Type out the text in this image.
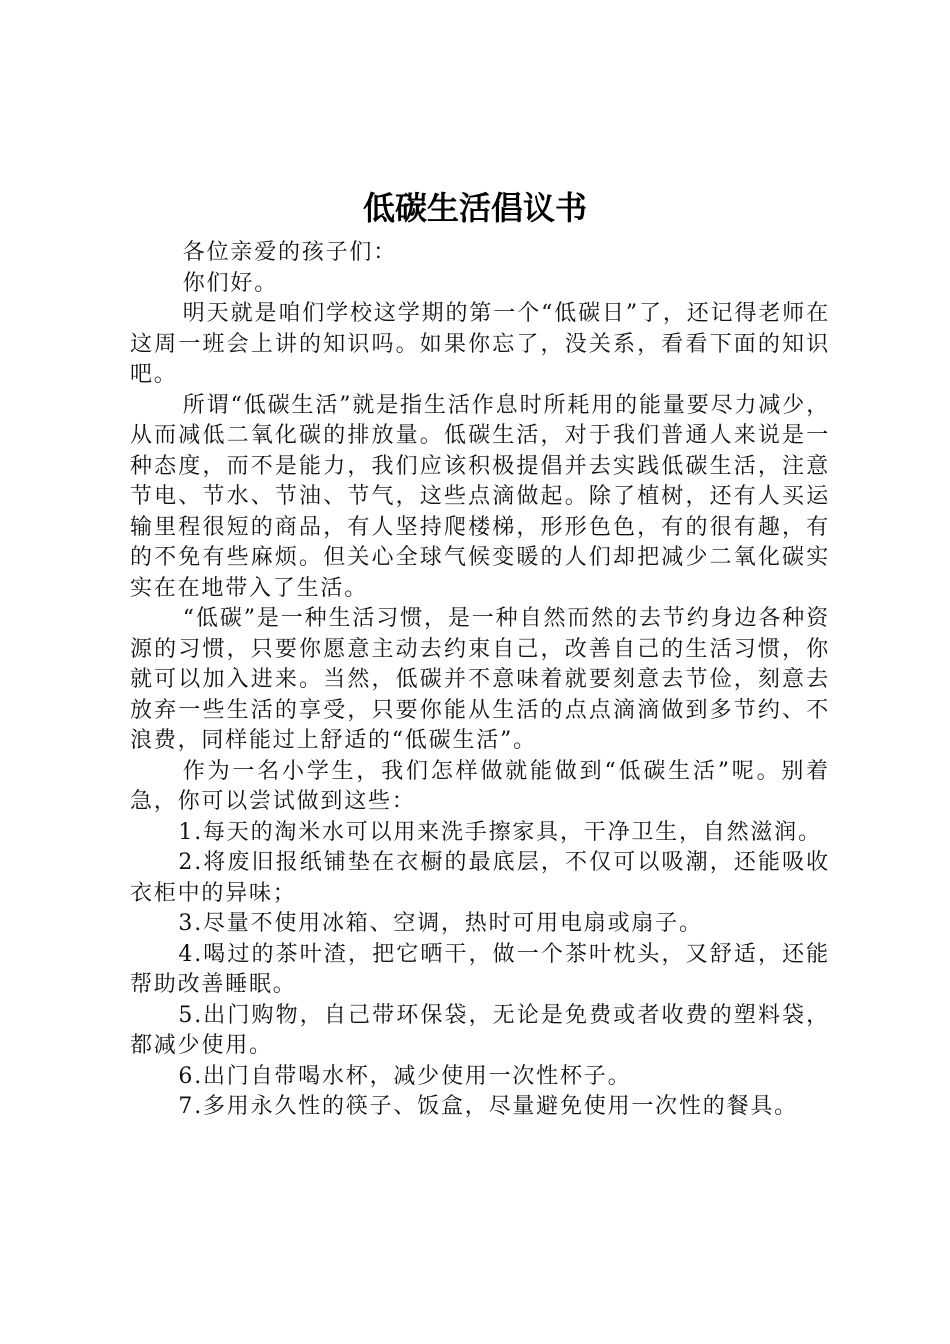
低碳生活倡议书

各位亲爱的孩子们：

你们好。

明天就是咱们学校这学期的第一个“低碳日”了，还记得老师在这周一班会上讲的知识吗。如果你忘了，没关系，看看下面的知识吧。

所谓“低碳生活”就是指生活作息时所耗用的能量要尽力减少，从而减低二氧化碳的排放量。低碳生活，对于我们普通人来说是一种态度，而不是能力，我们应该积极提倡并去实践低碳生活，注意节电、节水、节油、节气，这些点滴做起。除了植树，还有人买运输里程很短的商品，有人坚持爬楼梯，形形色色，有的很有趣，有的不免有些麻烦。但关心全球气候变暖的人们却把减少二氧化碳实实在在地带入了生活。

“低碳”是一种生活习惯，是一种自然而然的去节约身边各种资源的习惯，只要你愿意主动去约束自己，改善自己的生活习惯，你就可以加入进来。当然，低碳并不意味着就要刻意去节俭，刻意去放弃一些生活的享受，只要你能从生活的点点滴滴做到多节约、不浪费，同样能过上舒适的“低碳生活”。

作为一名小学生，我们怎样做就能做到“低碳生活”呢。别着急，你可以尝试做到这些：

1.每天的淘米水可以用来洗手擦家具，干净卫生，自然滋润。

2.将废旧报纸铺垫在衣橱的最底层，不仅可以吸潮，还能吸收衣柜中的异味；

3.尽量不使用冰箱、空调，热时可用电扇或扇子。

4.喝过的茶叶渣，把它晒干，做一个茶叶枕头，又舒适，还能帮助改善睡眠。

5.出门购物，自己带环保袋，无论是免费或者收费的塑料袋，都减少使用。

6.出门自带喝水杯，减少使用一次性杯子。

7.多用永久性的筷子、饭盒，尽量避免使用一次性的餐具。
